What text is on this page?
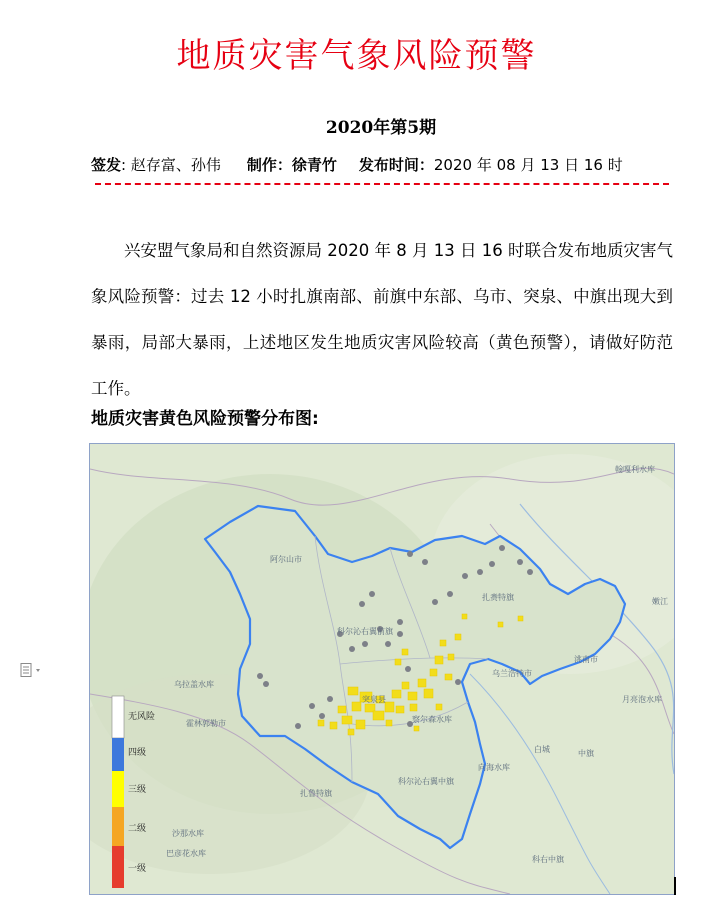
地质灾害气象风险预警
2020年第5期
签发: 赵存富、孙伟 制作：徐青竹 发布时间：2020 年 08 月 13 日 16 时
兴安盟气象局和自然资源局 2020 年 8 月 13 日 16 时联合发布地质灾害气象风险预警：过去 12 小时扎旗南部、前旗中东部、乌市、突泉、中旗出现大到暴雨，局部大暴雨，上述地区发生地质灾害风险较高（黄色预警），请做好防范工作。
地质灾害黄色风险预警分布图:
阿尔山市
科尔沁右翼前旗
突泉县
乌兰浩特市
科尔沁右翼中旗
扎赉特旗
乌拉盖水库
察尔森水库
翰嘎利水库
嫩江
沙那水库
巴彦花水库
扎鲁特旗
白城
洮南市
霍林郭勒市
向海水库
月亮泡水库
中旗
科右中旗
无风险
四级
三级
二级
一级
